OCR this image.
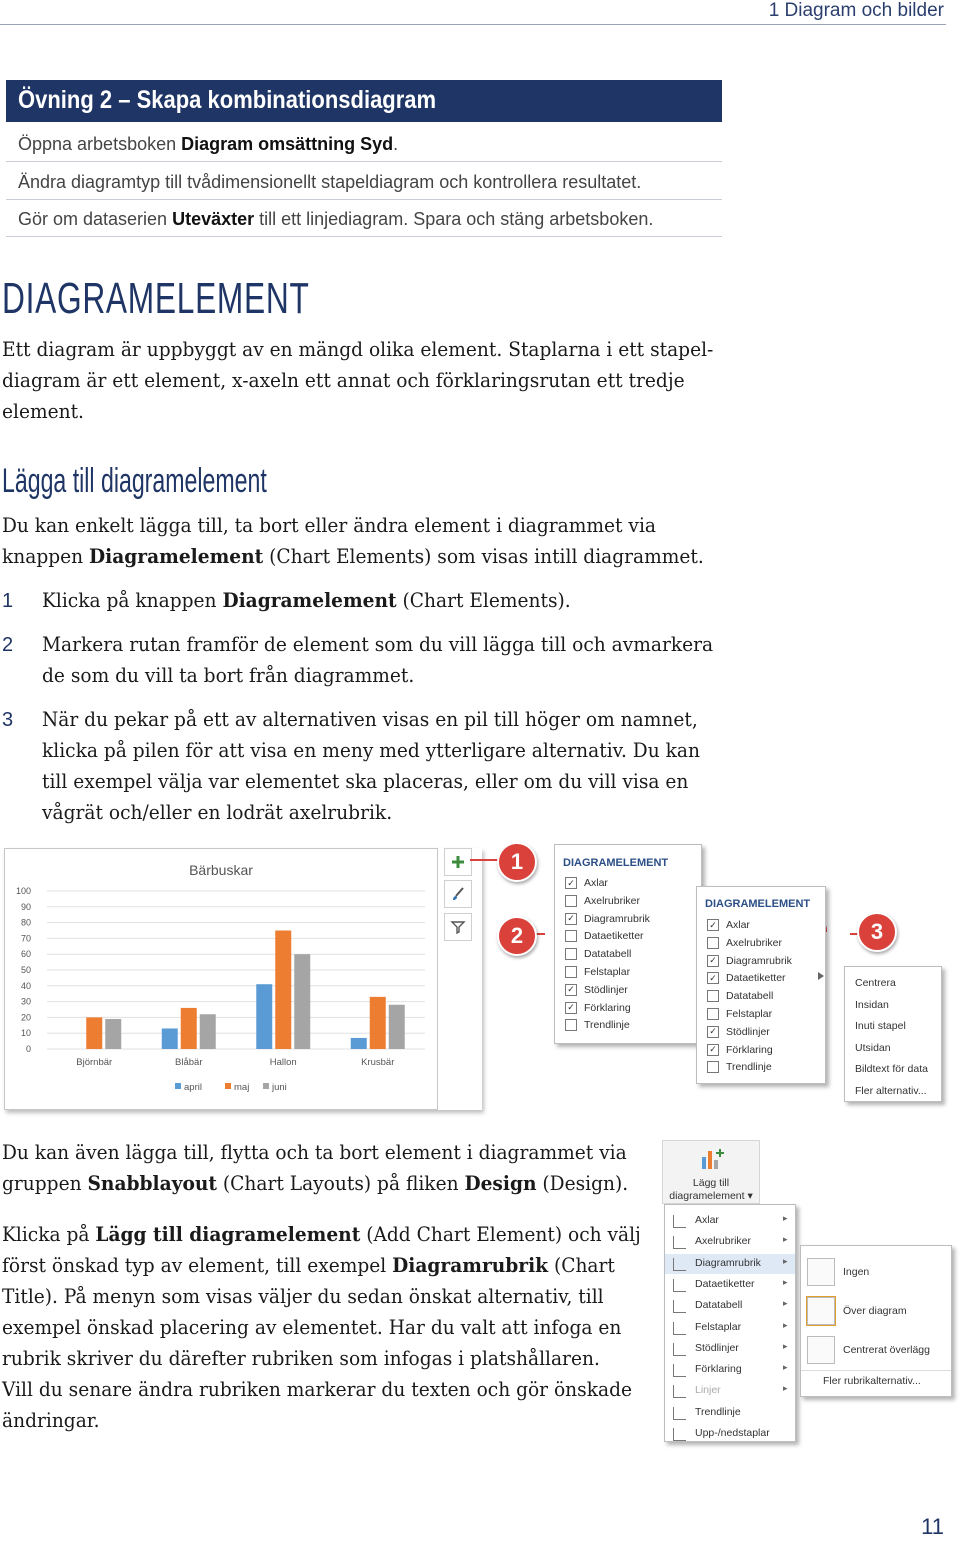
1 Diagram och bilder
Övning 2 – Skapa kombinationsdiagram
Öppna arbetsboken Diagram omsättning Syd.
Ändra diagramtyp till tvådimensionellt stapeldiagram och kontrollera resultatet.
Gör om dataserien Uteväxter till ett linjediagram. Spara och stäng arbetsboken.
DIAGRAMELEMENT
Ett diagram är uppbyggt av en mängd olika element. Staplarna i ett stapel-
diagram är ett element, x-axeln ett annat och förklaringsrutan ett tredje
element.
Lägga till diagramelement
Du kan enkelt lägga till, ta bort eller ändra element i diagrammet via
knappen Diagramelement (Chart Elements) som visas intill diagrammet.
1 Klicka på knappen Diagramelement (Chart Elements).
2 Markera rutan framför de element som du vill lägga till och avmarkera
de som du vill ta bort från diagrammet.
3 När du pekar på ett av alternativen visas en pil till höger om namnet,
klicka på pilen för att visa en meny med ytterligare alternativ. Du kan
till exempel välja var elementet ska placeras, eller om du vill visa en
vågrät och/eller en lodrät axelrubrik.
100
90
80
70
60
50
40
30
20
10
0
Björnbär	Blåbär	Hallon	Krusbär
Bärbuskar
april	maj juni
DIAGRAMELEMENT
✓ Axlar
Axelrubriker
✓ Diagramrubrik
Dataetiketter
Datatabell
Felstaplar
✓ Stödlinjer
✓ Förklaring
Trendlinje
DIAGRAMELEMENT
✓ Axlar
Axelrubriker
✓ Diagramrubrik
✓ Dataetiketter
Datatabell
Felstaplar
✓ Stödlinjer
✓ Förklaring
Trendlinje
Centrera
Insidan
Inuti stapel
Utsidan
Bildtext för data
Fler alternativ...
1
2	3
Du kan även lägga till, flytta och ta bort element i diagrammet via
gruppen Snabblayout (Chart Layouts) på fliken Design (Design).
Klicka på Lägg till diagramelement (Add Chart Element) och välj
först önskad typ av element, till exempel Diagramrubrik (Chart
Title). På menyn som visas väljer du sedan önskat alternativ, till
exempel önskad placering av elementet. Har du valt att infoga en
rubrik skriver du därefter rubriken som infogas i platshållaren.
Vill du senare ändra rubriken markerar du texten och gör önskade
ändringar.
Lägg till
diagramelement ▾
Axlar	▸
Axelrubriker	▸
Diagramrubrik ▸
Dataetiketter	▸
Datatabell	▸
Felstaplar	▸
Stödlinjer	▸
Förklaring	▸
Linjer	▸
Trendlinje
Upp-/nedstaplar
Ingen
Över diagram
Centrerat överlägg
Fler rubrikalternativ...
11
